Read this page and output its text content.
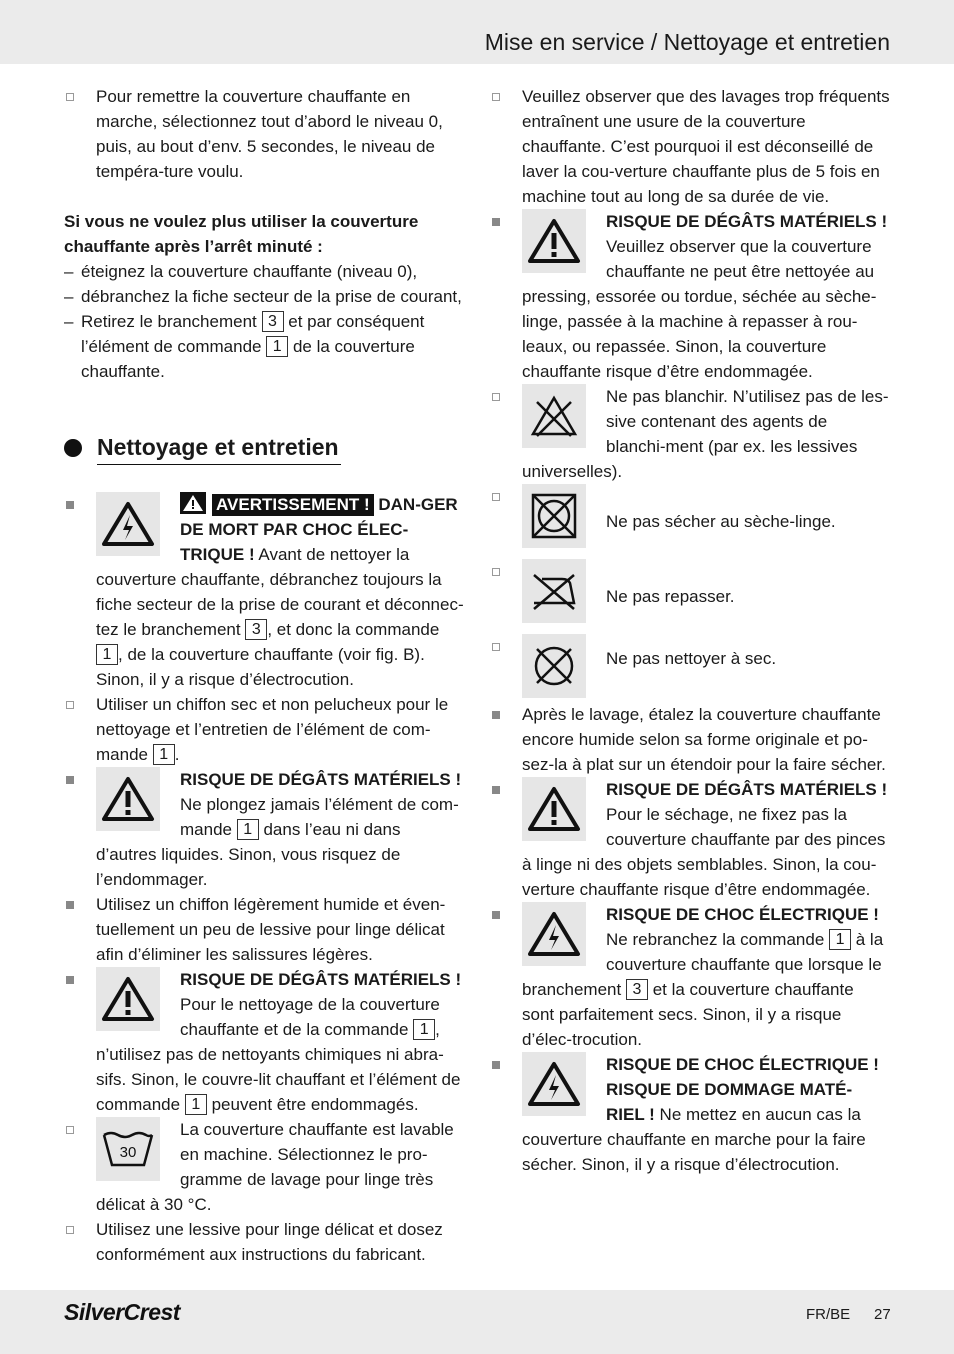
Mise en service / Nettoyage et entretien

Pour remettre la couverture chauffante en marche, sélectionnez tout d’abord le niveau 0, puis, au bout d’env. 5 secondes, le niveau de tempéra-ture voulu.

Si vous ne voulez plus utiliser la couverture chauffante après l’arrêt minuté :

– éteignez la couverture chauffante (niveau 0),

– débranchez la fiche secteur de la prise de courant,

– Retirez le branchement 3 et par conséquent l’élément de commande 1 de la couverture chauffante.

Nettoyage et entretien

AVERTISSEMENT ! DAN-GER DE MORT PAR CHOC ÉLEC-TRIQUE ! Avant de nettoyer la couverture chauffante, débranchez toujours la fiche secteur de la prise de courant et déconnec-tez le branchement 3 , et donc la commande 1 , de la couverture chauffante (voir fig. B). Sinon, il y a risque d’électrocution.

Utiliser un chiffon sec et non pelucheux pour le nettoyage et l’entretien de l’élément de com-mande 1 .

RISQUE DE DÉGÂTS MATÉRIELS ! Ne plongez jamais l’élément de com-mande 1 dans l’eau ni dans d’autres liquides. Sinon, vous risquez de l’endommager.

Utilisez un chiffon légèrement humide et éven-tuellement un peu de lessive pour linge délicat afin d’éliminer les salissures légères.

RISQUE DE DÉGÂTS MATÉRIELS ! Pour le nettoyage de la couverture chauffante et de la commande 1 , n’utilisez pas de nettoyants chimiques ni abra-sifs. Sinon, le couvre-lit chauffant et l’élément de commande 1 peuvent être endommagés.

30

La couverture chauffante est lavable en machine. Sélectionnez le pro-gramme de lavage pour linge très délicat à 30 °C.

Utilisez une lessive pour linge délicat et dosez conformément aux instructions du fabricant.

Veuillez observer que des lavages trop fréquents entraînent une usure de la couverture chauffante. C’est pourquoi il est déconseillé de laver la cou-verture chauffante plus de 5 fois en machine tout au long de sa durée de vie.

RISQUE DE DÉGÂTS MATÉRIELS ! Veuillez observer que la couverture chauffante ne peut être nettoyée au pressing, essorée ou tordue, séchée au sèche-linge, passée à la machine à repasser à rou-leaux, ou repassée. Sinon, la couverture chauffante risque d’être endommagée.

Ne pas blanchir. N’utilisez pas de les-sive contenant des agents de blanchi-ment (par ex. les lessives universelles).

Ne pas sécher au sèche-linge.

Ne pas repasser.

Ne pas nettoyer à sec.

Après le lavage, étalez la couverture chauffante encore humide selon sa forme originale et po-sez-la à plat sur un étendoir pour la faire sécher.

RISQUE DE DÉGÂTS MATÉRIELS ! Pour le séchage, ne fixez pas la couverture chauffante par des pinces à linge ni des objets semblables. Sinon, la cou-verture chauffante risque d’être endommagée.

RISQUE DE CHOC ÉLECTRIQUE ! Ne rebranchez la commande 1 à la couverture chauffante que lorsque le branchement 3 et la couverture chauffante sont parfaitement secs. Sinon, il y a risque d’élec-trocution.

RISQUE DE CHOC ÉLECTRIQUE ! RISQUE DE DOMMAGE MATÉ-RIEL ! Ne mettez en aucun cas la couverture chauffante en marche pour la faire sécher. Sinon, il y a risque d’électrocution.

SilverCrest	FR/BE 27
